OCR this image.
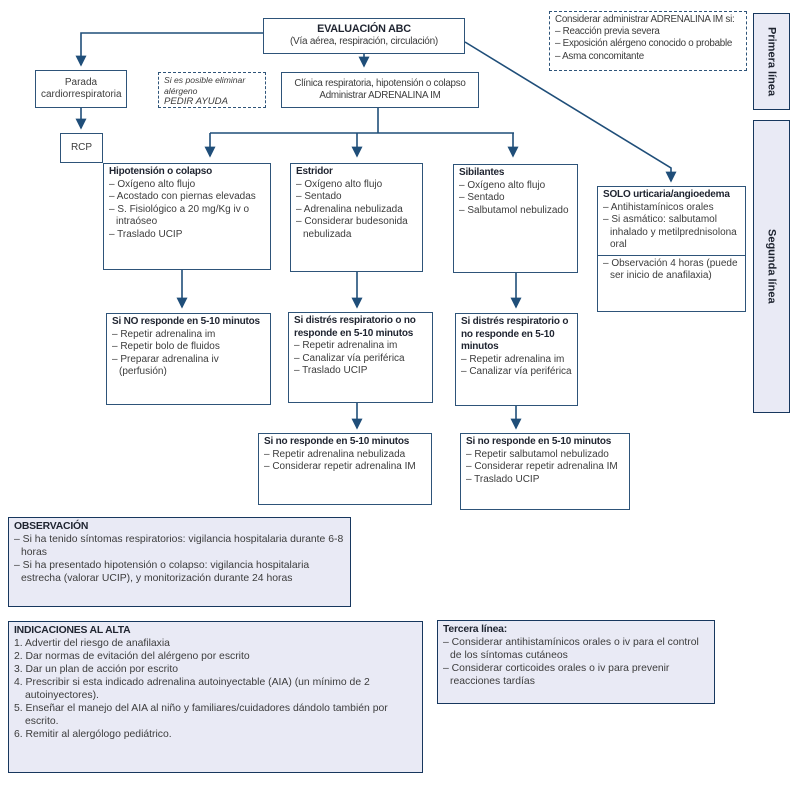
EVALUACIÓN ABC
(Vía aérea, respiración, circulación)
Considerar administrar ADRENALINA IM si:
– Reacción previa severa
– Exposición alérgeno conocido o probable
– Asma concomitante	Primera línea
Segunda línea
Parada cardiorrespiratoria
Si es posible eliminar alérgeno
PEDIR AYUDA
Clínica respiratoria, hipotensión o colapso
Administrar ADRENALINA IM
RCP
Hipotensión o colapso
– Oxígeno alto flujo
– Acostado con piernas elevadas
– S. Fisiológico a 20 mg/Kg iv o intraóseo
– Traslado UCIP
Estridor
– Oxígeno alto flujo
– Sentado
– Adrenalina nebulizada
– Considerar budesonida nebulizada
Sibilantes
– Oxígeno alto flujo
– Sentado
– Salbutamol nebulizado
SOLO urticaria/angioedema
– Antihistamínicos orales
– Si asmático: salbutamol inhalado y metilprednisolona oral
– Observación 4 horas (puede ser inicio de anafilaxia)
Si NO responde en 5-10 minutos
– Repetir adrenalina im
– Repetir bolo de fluidos
– Preparar adrenalina iv (perfusión)
Si distrés respiratorio o no responde en 5-10 minutos
– Repetir adrenalina im
– Canalizar vía periférica
– Traslado UCIP
Si distrés respiratorio o no responde en 5-10 minutos
– Repetir adrenalina im
– Canalizar vía periférica
Si no responde en 5-10 minutos
– Repetir adrenalina nebulizada
– Considerar repetir adrenalina IM
Si no responde en 5-10 minutos
– Repetir salbutamol nebulizado
– Considerar repetir adrenalina IM
– Traslado UCIP
OBSERVACIÓN
– Si ha tenido síntomas respiratorios: vigilancia hospitalaria durante 6-8 horas
– Si ha presentado hipotensión o colapso: vigilancia hospitalaria estrecha (valorar UCIP), y monitorización durante 24 horas
INDICACIONES AL ALTA
1. Advertir del riesgo de anafilaxia
2. Dar normas de evitación del alérgeno por escrito
3. Dar un plan de acción por escrito
4. Prescribir si esta indicado adrenalina autoinyectable (AIA) (un mínimo de 2 autoinyectores).
5. Enseñar el manejo del AIA al niño y familiares/cuidadores dándolo también por escrito.
6. Remitir al alergólogo pediátrico.
Tercera línea:
– Considerar antihistamínicos orales o iv para el control de los síntomas cutáneos
– Considerar corticoides orales o iv para prevenir reacciones tardías
